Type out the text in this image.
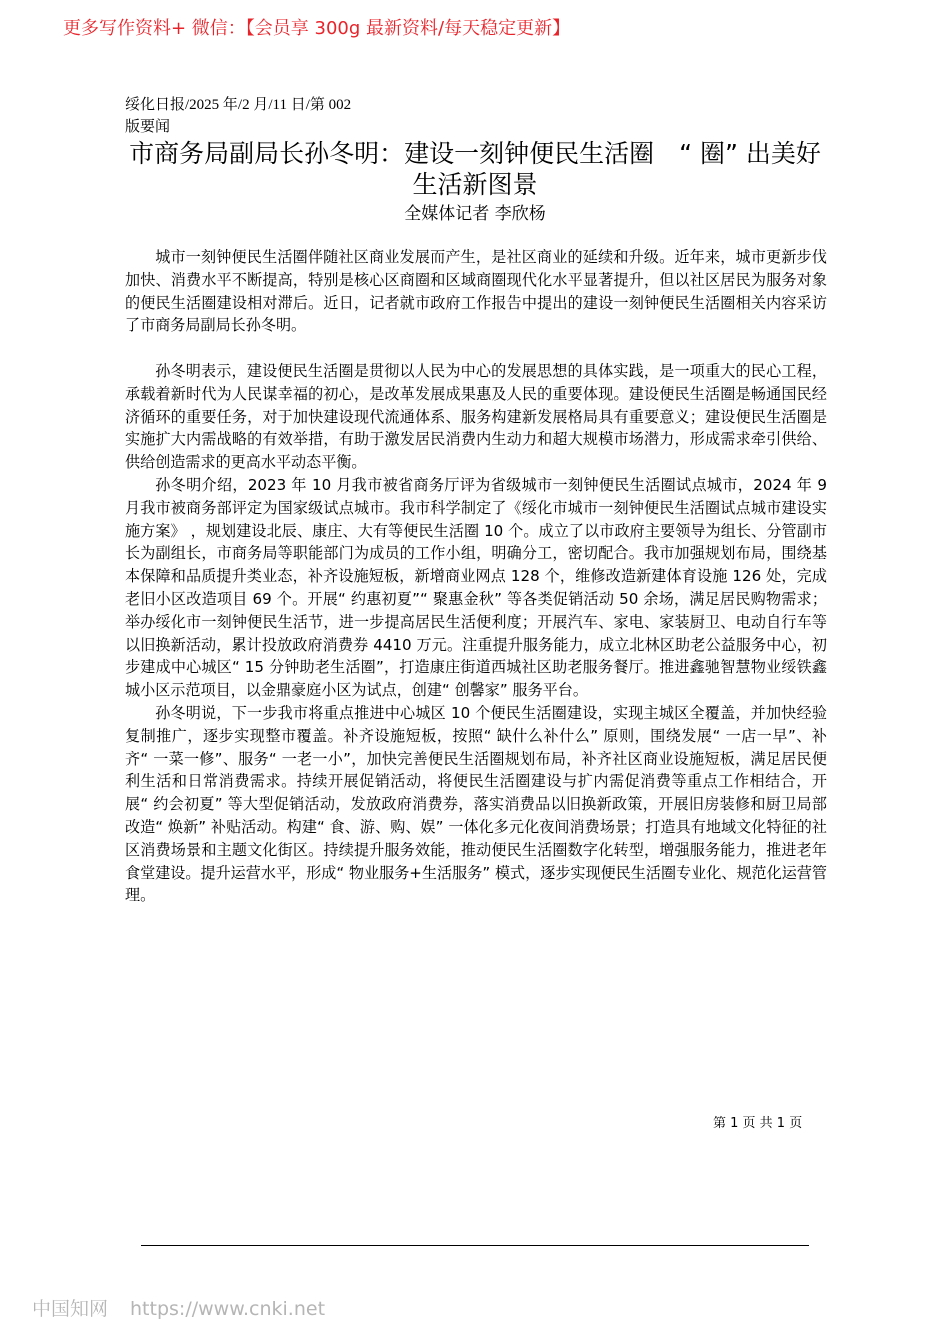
更多写作资料+ 微信：【会员享 300g 最新资料/每天稳定更新】
绥化日报/2025 年/2 月/11 日/第 002
版要闻
市商务局副局长孙冬明：建设一刻钟便民生活圈　“ 圈” 出美好生活新图景
全媒体记者 李欣杨

城市一刻钟便民生活圈伴随社区商业发展而产生，是社区商业的延续和升级。近年来，城市更新步伐加快、消费水平不断提高，特别是核心区商圈和区域商圈现代化水平显著提升，但以社区居民为服务对象的便民生活圈建设相对滞后。近日，记者就市政府工作报告中提出的建设一刻钟便民生活圈相关内容采访了市商务局副局长孙冬明。

孙冬明表示，建设便民生活圈是贯彻以人民为中心的发展思想的具体实践，是一项重大的民心工程，承载着新时代为人民谋幸福的初心，是改革发展成果惠及人民的重要体现。建设便民生活圈是畅通国民经济循环的重要任务，对于加快建设现代流通体系、服务构建新发展格局具有重要意义；建设便民生活圈是实施扩大内需战略的有效举措，有助于激发居民消费内生动力和超大规模市场潜力，形成需求牵引供给、供给创造需求的更高水平动态平衡。

孙冬明介绍，2023 年 10 月我市被省商务厅评为省级城市一刻钟便民生活圈试点城市，2024 年 9 月我市被商务部评定为国家级试点城市。我市科学制定了《绥化市城市一刻钟便民生活圈试点城市建设实施方案》 ，规划建设北辰、康庄、大有等便民生活圈 10 个。成立了以市政府主要领导为组长、分管副市长为副组长，市商务局等职能部门为成员的工作小组，明确分工，密切配合。我市加强规划布局，围绕基本保障和品质提升类业态，补齐设施短板，新增商业网点 128 个，维修改造新建体育设施 126 处，完成老旧小区改造项目 69 个。开展“ 约惠初夏”“ 聚惠金秋” 等各类促销活动 50 余场，满足居民购物需求；举办绥化市一刻钟便民生活节，进一步提高居民生活便利度；开展汽车、家电、家装厨卫、电动自行车等以旧换新活动，累计投放政府消费券 4410 万元。注重提升服务能力，成立北林区助老公益服务中心，初步建成中心城区“ 15 分钟助老生活圈”，打造康庄街道西城社区助老服务餐厅。推进鑫驰智慧物业绥铁鑫城小区示范项目，以金鼎豪庭小区为试点，创建“ 创馨家” 服务平台。

孙冬明说，下一步我市将重点推进中心城区 10 个便民生活圈建设，实现主城区全覆盖，并加快经验复制推广，逐步实现整市覆盖。补齐设施短板，按照“ 缺什么补什么” 原则，围绕发展“ 一店一早”、补齐“ 一菜一修”、服务“ 一老一小”，加快完善便民生活圈规划布局，补齐社区商业设施短板，满足居民便利生活和日常消费需求。持续开展促销活动，将便民生活圈建设与扩内需促消费等重点工作相结合，开展“ 约会初夏” 等大型促销活动，发放政府消费券，落实消费品以旧换新政策，开展旧房装修和厨卫局部改造“ 焕新” 补贴活动。构建“ 食、游、购、娱” 一体化多元化夜间消费场景；打造具有地域文化特征的社区消费场景和主题文化街区。持续提升服务效能，推动便民生活圈数字化转型，增强服务能力，推进老年食堂建设。提升运营水平，形成“ 物业服务+生活服务” 模式，逐步实现便民生活圈专业化、规范化运营管理。

第 1 页 共 1 页
中国知网 https://www.cnki.net
